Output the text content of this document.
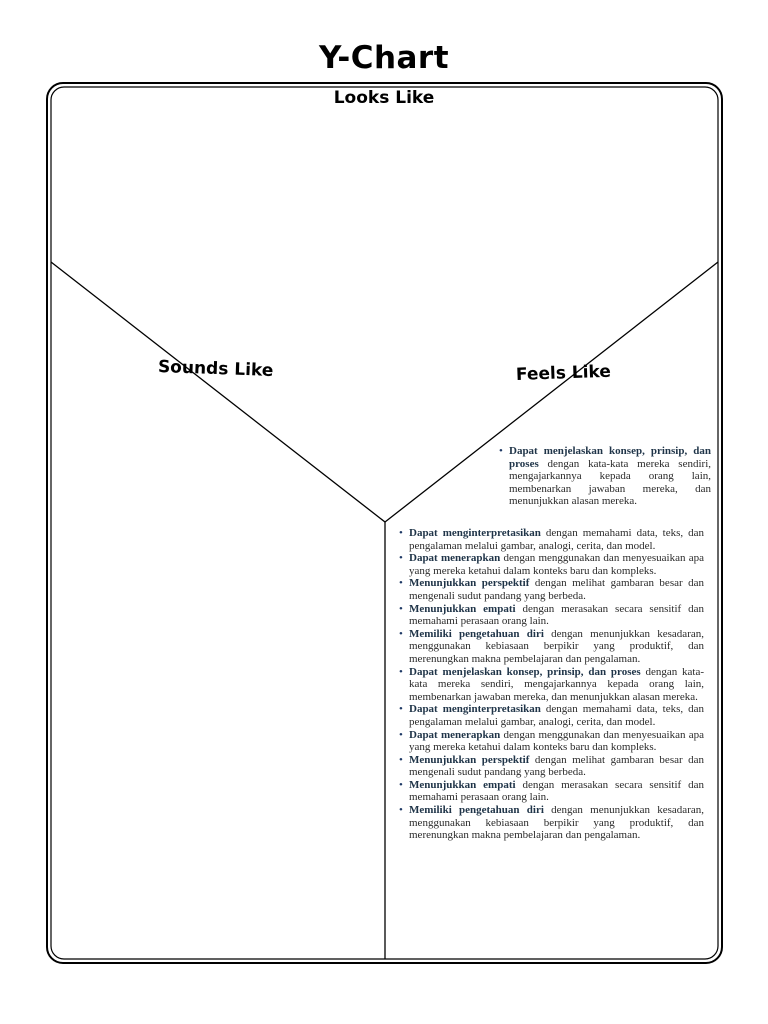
Y-Chart
Looks Like
Sounds Like	Feels Like
• Dapat menjelaskan konsep, prinsip, dan proses dengan kata-kata mereka sendiri, mengajarkannya kepada orang lain, membenarkan jawaban mereka, dan menunjukkan alasan mereka.
• Dapat menginterpretasikan dengan memahami data, teks, dan pengalaman melalui gambar, analogi, cerita, dan model.
• Dapat menerapkan dengan menggunakan dan menyesuaikan apa yang mereka ketahui dalam konteks baru dan kompleks.
• Menunjukkan perspektif dengan melihat gambaran besar dan mengenali sudut pandang yang berbeda.
• Menunjukkan empati dengan merasakan secara sensitif dan memahami perasaan orang lain.
• Memiliki pengetahuan diri dengan menunjukkan kesadaran, menggunakan kebiasaan berpikir yang produktif, dan merenungkan makna pembelajaran dan pengalaman.
• Dapat menjelaskan konsep, prinsip, dan proses dengan kata-kata mereka sendiri, mengajarkannya kepada orang lain, membenarkan jawaban mereka, dan menunjukkan alasan mereka.
• Dapat menginterpretasikan dengan memahami data, teks, dan pengalaman melalui gambar, analogi, cerita, dan model.
• Dapat menerapkan dengan menggunakan dan menyesuaikan apa yang mereka ketahui dalam konteks baru dan kompleks.
• Menunjukkan perspektif dengan melihat gambaran besar dan mengenali sudut pandang yang berbeda.
• Menunjukkan empati dengan merasakan secara sensitif dan memahami perasaan orang lain.
• Memiliki pengetahuan diri dengan menunjukkan kesadaran, menggunakan kebiasaan berpikir yang produktif, dan merenungkan makna pembelajaran dan pengalaman.
